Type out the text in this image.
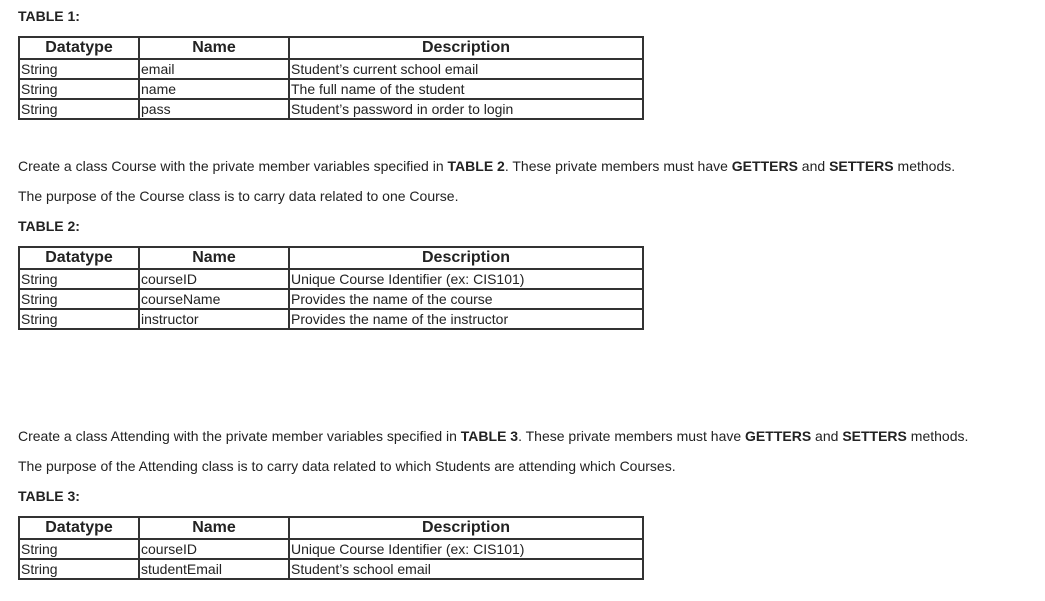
TABLE 1:
Datatype	Name	Description
String	email	Student’s current school email
String	name	The full name of the student
String	pass	Student’s password in order to login
Create a class Course with the private member variables specified in TABLE 2. These private members must have GETTERS and SETTERS methods.
The purpose of the Course class is to carry data related to one Course.
TABLE 2:
Datatype	Name	Description
String	courseID	Unique Course Identifier (ex: CIS101)
String	courseName	Provides the name of the course
String	instructor	Provides the name of the instructor
Create a class Attending with the private member variables specified in TABLE 3. These private members must have GETTERS and SETTERS methods.
The purpose of the Attending class is to carry data related to which Students are attending which Courses.
TABLE 3:
Datatype	Name	Description
String	courseID	Unique Course Identifier (ex: CIS101)
String	studentEmail	Student’s school email
